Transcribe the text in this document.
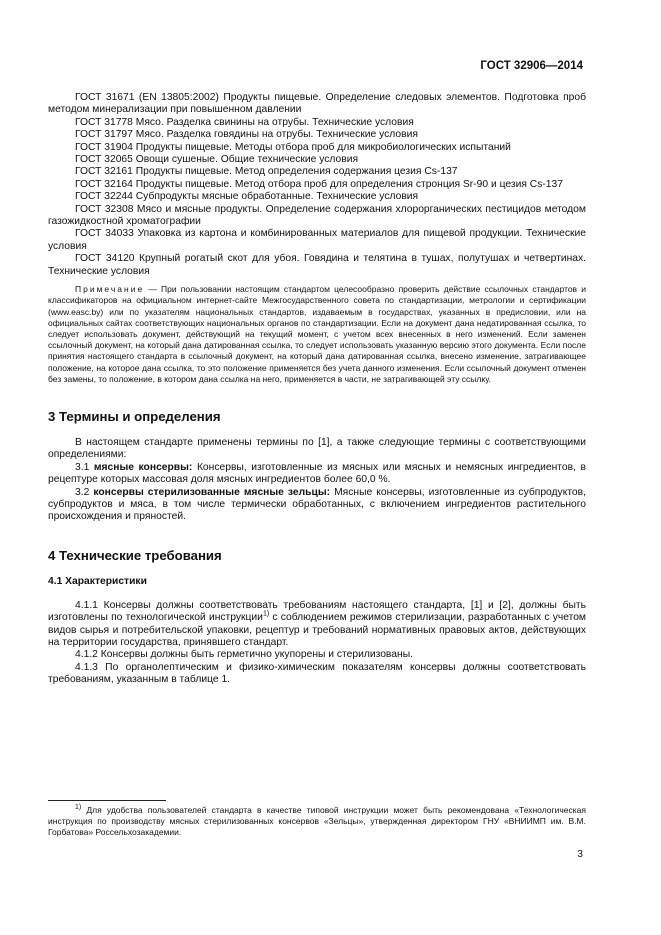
ГОСТ 32906—2014

ГОСТ 31671 (EN 13805:2002) Продукты пищевые. Определение следовых элементов. Подготовка проб методом минерализации при повышенном давлении

ГОСТ 31778 Мясо. Разделка свинины на отрубы. Технические условия

ГОСТ 31797 Мясо. Разделка говядины на отрубы. Технические условия

ГОСТ 31904 Продукты пищевые. Методы отбора проб для микробиологических испытаний

ГОСТ 32065 Овощи сушеные. Общие технические условия

ГОСТ 32161 Продукты пищевые. Метод определения содержания цезия Cs-137

ГОСТ 32164 Продукты пищевые. Метод отбора проб для определения стронция Sr-90 и цезия Cs-137

ГОСТ 32244 Субпродукты мясные обработанные. Технические условия

ГОСТ 32308 Мясо и мясные продукты. Определение содержания хлорорганических пестицидов методом газожидкостной хроматографии

ГОСТ 34033 Упаковка из картона и комбинированных материалов для пищевой продукции. Технические условия

ГОСТ 34120 Крупный рогатый скот для убоя. Говядина и телятина в тушах, полутушах и четвертинах. Технические условия

Примечание — При пользовании настоящим стандартом целесообразно проверить действие ссылочных стандартов и классификаторов на официальном интернет-сайте Межгосударственного совета по стандартизации, метрологии и сертификации (www.easc.by) или по указателям национальных стандартов, издаваемым в государствах, указанных в предисловии, или на официальных сайтах соответствующих национальных органов по стандартизации. Если на документ дана недатированная ссылка, то следует использовать документ, действующий на текущий момент, с учетом всех внесенных в него изменений. Если заменен ссылочный документ, на который дана датированная ссылка, то следует использовать указанную версию этого документа. Если после принятия настоящего стандарта в ссылочный документ, на который дана датированная ссылка, внесено изменение, затрагивающее положение, на которое дана ссылка, то это положение применяется без учета данного изменения. Если ссылочный документ отменен без замены, то положение, в котором дана ссылка на него, применяется в части, не затрагивающей эту ссылку.

3 Термины и определения

В настоящем стандарте применены термины по [1], а также следующие термины с соответствующими определениями:

3.1 мясные консервы: Консервы, изготовленные из мясных или мясных и немясных ингредиентов, в рецептуре которых массовая доля мясных ингредиентов более 60,0 %.

3.2 консервы стерилизованные мясные зельцы: Мясные консервы, изготовленные из субпродуктов, субпродуктов и мяса, в том числе термически обработанных, с включением ингредиентов растительного происхождения и пряностей.

4 Технические требования
4.1 Характеристики

4.1.1 Консервы должны соответствовать требованиям настоящего стандарта, [1] и [2], должны быть изготовлены по технологической инструкции$^{1)}$ с соблюдением режимов стерилизации, разработанных с учетом видов сырья и потребительской упаковки, рецептур и требований нормативных правовых актов, действующих на территории государства, принявшего стандарт.

4.1.2 Консервы должны быть герметично укупорены и стерилизованы.

4.1.3 По органолептическим и физико-химическим показателям консервы должны соответствовать требованиям, указанным в таблице 1.

$^{1)}$ Для удобства пользователей стандарта в качестве типовой инструкции может быть рекомендована «Технологическая инструкция по производству мясных стерилизованных консервов «Зельцы», утвержденная директором ГНУ «ВНИИМП им. В.М. Горбатова» Россельхозакадемии.

3
